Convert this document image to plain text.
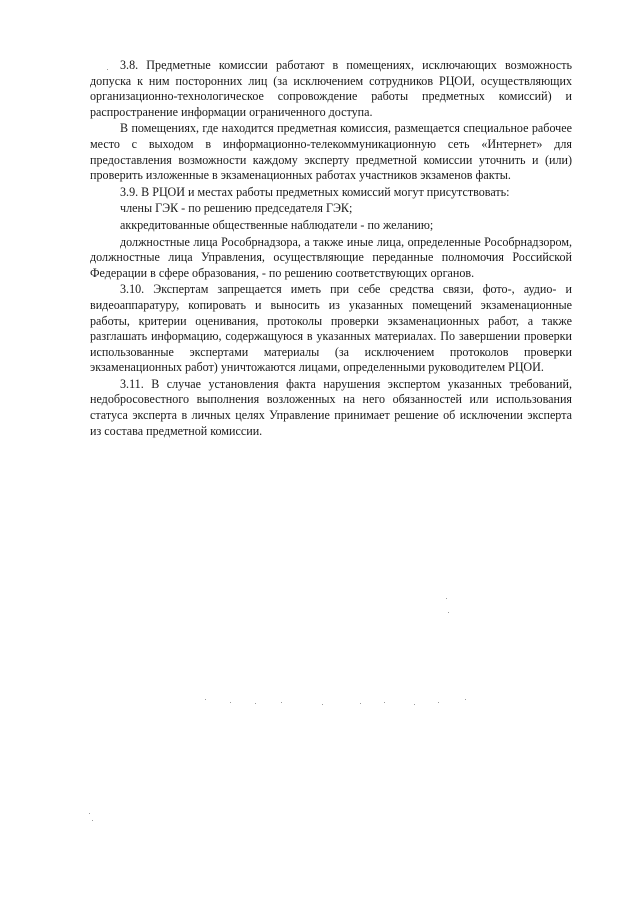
3.8. Предметные комиссии работают в помещениях, исключающих возможность допуска к ним посторонних лиц (за исключением сотрудников РЦОИ, осуществляющих организационно-технологическое сопровождение работы предметных комиссий) и распространение информации ограниченного доступа.

В помещениях, где находится предметная комиссия, размещается специальное рабочее место с выходом в информационно-телекоммуникационную сеть «Интернет» для предоставления возможности каждому эксперту предметной комиссии уточнить и (или) проверить изложенные в экзаменационных работах участников экзаменов факты.

3.9. В РЦОИ и местах работы предметных комиссий могут присутствовать:

члены ГЭК - по решению председателя ГЭК;

аккредитованные общественные наблюдатели - по желанию;

должностные лица Рособрнадзора, а также иные лица, определенные Рособрнадзором, должностные лица Управления, осуществляющие переданные полномочия Российской Федерации в сфере образования, - по решению соответствующих органов.

3.10. Экспертам запрещается иметь при себе средства связи, фото-, аудио- и видеоаппаратуру, копировать и выносить из указанных помещений экзаменационные работы, критерии оценивания, протоколы проверки экзаменационных работ, а также разглашать информацию, содержащуюся в указанных материалах. По завершении проверки использованные экспертами материалы (за исключением протоколов проверки экзаменационных работ) уничтожаются лицами, определенными руководителем РЦОИ.

3.11. В случае установления факта нарушения экспертом указанных требований, недобросовестного выполнения возложенных на него обязанностей или использования статуса эксперта в личных целях Управление принимает решение об исключении эксперта из состава предметной комиссии.
